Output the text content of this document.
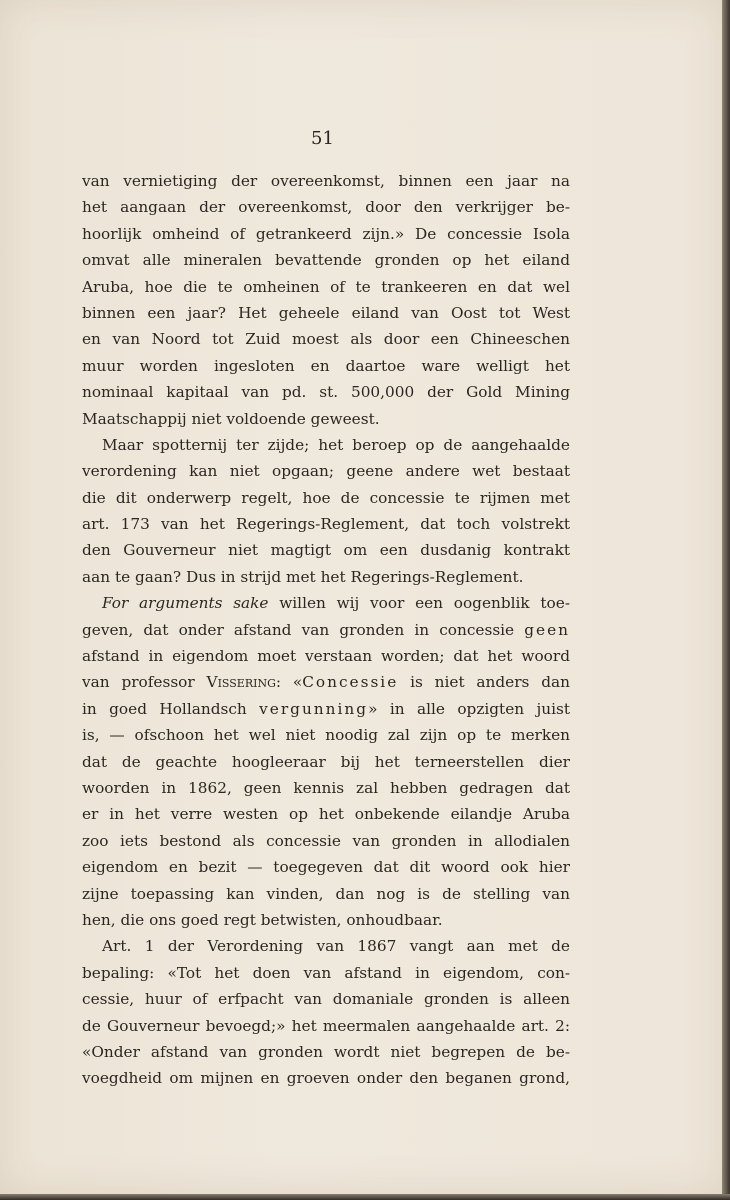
51
van vernietiging der overeenkomst, binnen een jaar na
het aangaan der overeenkomst, door den verkrijger be-
hoorlijk omheind of getrankeerd zijn.» De concessie Isola
omvat alle mineralen bevattende gronden op het eiland
Aruba, hoe die te omheinen of te trankeeren en dat wel
binnen een jaar? Het geheele eiland van Oost tot West
en van Noord tot Zuid moest als door een Chineeschen
muur worden ingesloten en daartoe ware welligt het
nominaal kapitaal van pd. st. 500,000 der Gold Mining
Maatschappij niet voldoende geweest.
Maar spotternij ter zijde; het beroep op de aangehaalde
verordening kan niet opgaan; geene andere wet bestaat
die dit onderwerp regelt, hoe de concessie te rijmen met
art. 173 van het Regerings-Reglement, dat toch volstrekt
den Gouverneur niet magtigt om een dusdanig kontrakt
aan te gaan? Dus in strijd met het Regerings-Reglement.
For arguments sake willen wij voor een oogenblik toe-
geven, dat onder afstand van gronden in concessie geen
afstand in eigendom moet verstaan worden; dat het woord
van professor Vissering: «Concessie is niet anders dan
in goed Hollandsch vergunning» in alle opzigten juist
is, — ofschoon het wel niet noodig zal zijn op te merken
dat de geachte hoogleeraar bij het terneerstellen dier
woorden in 1862, geen kennis zal hebben gedragen dat
er in het verre westen op het onbekende eilandje Aruba
zoo iets bestond als concessie van gronden in allodialen
eigendom en bezit — toegegeven dat dit woord ook hier
zijne toepassing kan vinden, dan nog is de stelling van
hen, die ons goed regt betwisten, onhoudbaar.
Art. 1 der Verordening van 1867 vangt aan met de
bepaling: «Tot het doen van afstand in eigendom, con-
cessie, huur of erfpacht van domaniale gronden is alleen
de Gouverneur bevoegd;» het meermalen aangehaalde art. 2:
«Onder afstand van gronden wordt niet begrepen de be-
voegdheid om mijnen en groeven onder den beganen grond,
